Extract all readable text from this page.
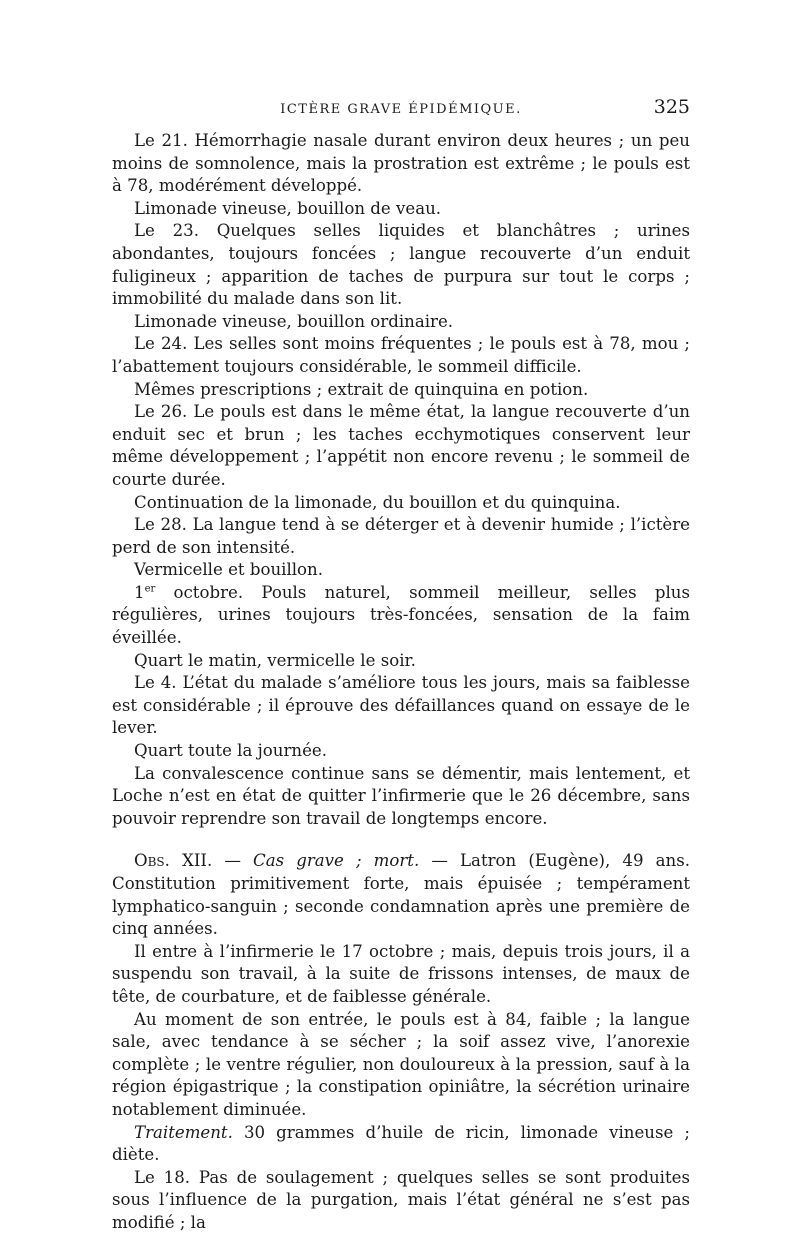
ICTÈRE GRAVE ÉPIDÉMIQUE.	325

Le 21. Hémorrhagie nasale durant environ deux heures ; un peu moins de somnolence, mais la prostration est extrême ; le pouls est à 78, modérément développé.

Limonade vineuse, bouillon de veau.

Le 23. Quelques selles liquides et blanchâtres ; urines abondantes, toujours foncées ; langue recouverte d’un enduit fuligineux ; apparition de taches de purpura sur tout le corps ; immobilité du malade dans son lit.

Limonade vineuse, bouillon ordinaire.

Le 24. Les selles sont moins fréquentes ; le pouls est à 78, mou ; l’abattement toujours considérable, le sommeil difficile.

Mêmes prescriptions ; extrait de quinquina en potion.

Le 26. Le pouls est dans le même état, la langue recouverte d’un enduit sec et brun ; les taches ecchymotiques conservent leur même développement ; l’appétit non encore revenu ; le sommeil de courte durée.

Continuation de la limonade, du bouillon et du quinquina.

Le 28. La langue tend à se déterger et à devenir humide ; l’ictère perd de son intensité.

Vermicelle et bouillon.

1er octobre. Pouls naturel, sommeil meilleur, selles plus régulières, urines toujours très-foncées, sensation de la faim éveillée.

Quart le matin, vermicelle le soir.

Le 4. L’état du malade s’améliore tous les jours, mais sa faiblesse est considérable ; il éprouve des défaillances quand on essaye de le lever.

Quart toute la journée.

La convalescence continue sans se démentir, mais lentement, et Loche n’est en état de quitter l’infirmerie que le 26 décembre, sans pouvoir reprendre son travail de longtemps encore.

Obs. XII. — Cas grave ; mort. — Latron (Eugène), 49 ans. Constitution primitivement forte, mais épuisée ; tempérament lymphatico-sanguin ; seconde condamnation après une première de cinq années.

Il entre à l’infirmerie le 17 octobre ; mais, depuis trois jours, il a suspendu son travail, à la suite de frissons intenses, de maux de tête, de courbature, et de faiblesse générale.

Au moment de son entrée, le pouls est à 84, faible ; la langue sale, avec tendance à se sécher ; la soif assez vive, l’anorexie complète ; le ventre régulier, non douloureux à la pression, sauf à la région épigastrique ; la constipation opiniâtre, la sécrétion urinaire notablement diminuée.

Traitement. 30 grammes d’huile de ricin, limonade vineuse ; diète.

Le 18. Pas de soulagement ; quelques selles se sont produites sous l’influence de la purgation, mais l’état général ne s’est pas modifié ; la
